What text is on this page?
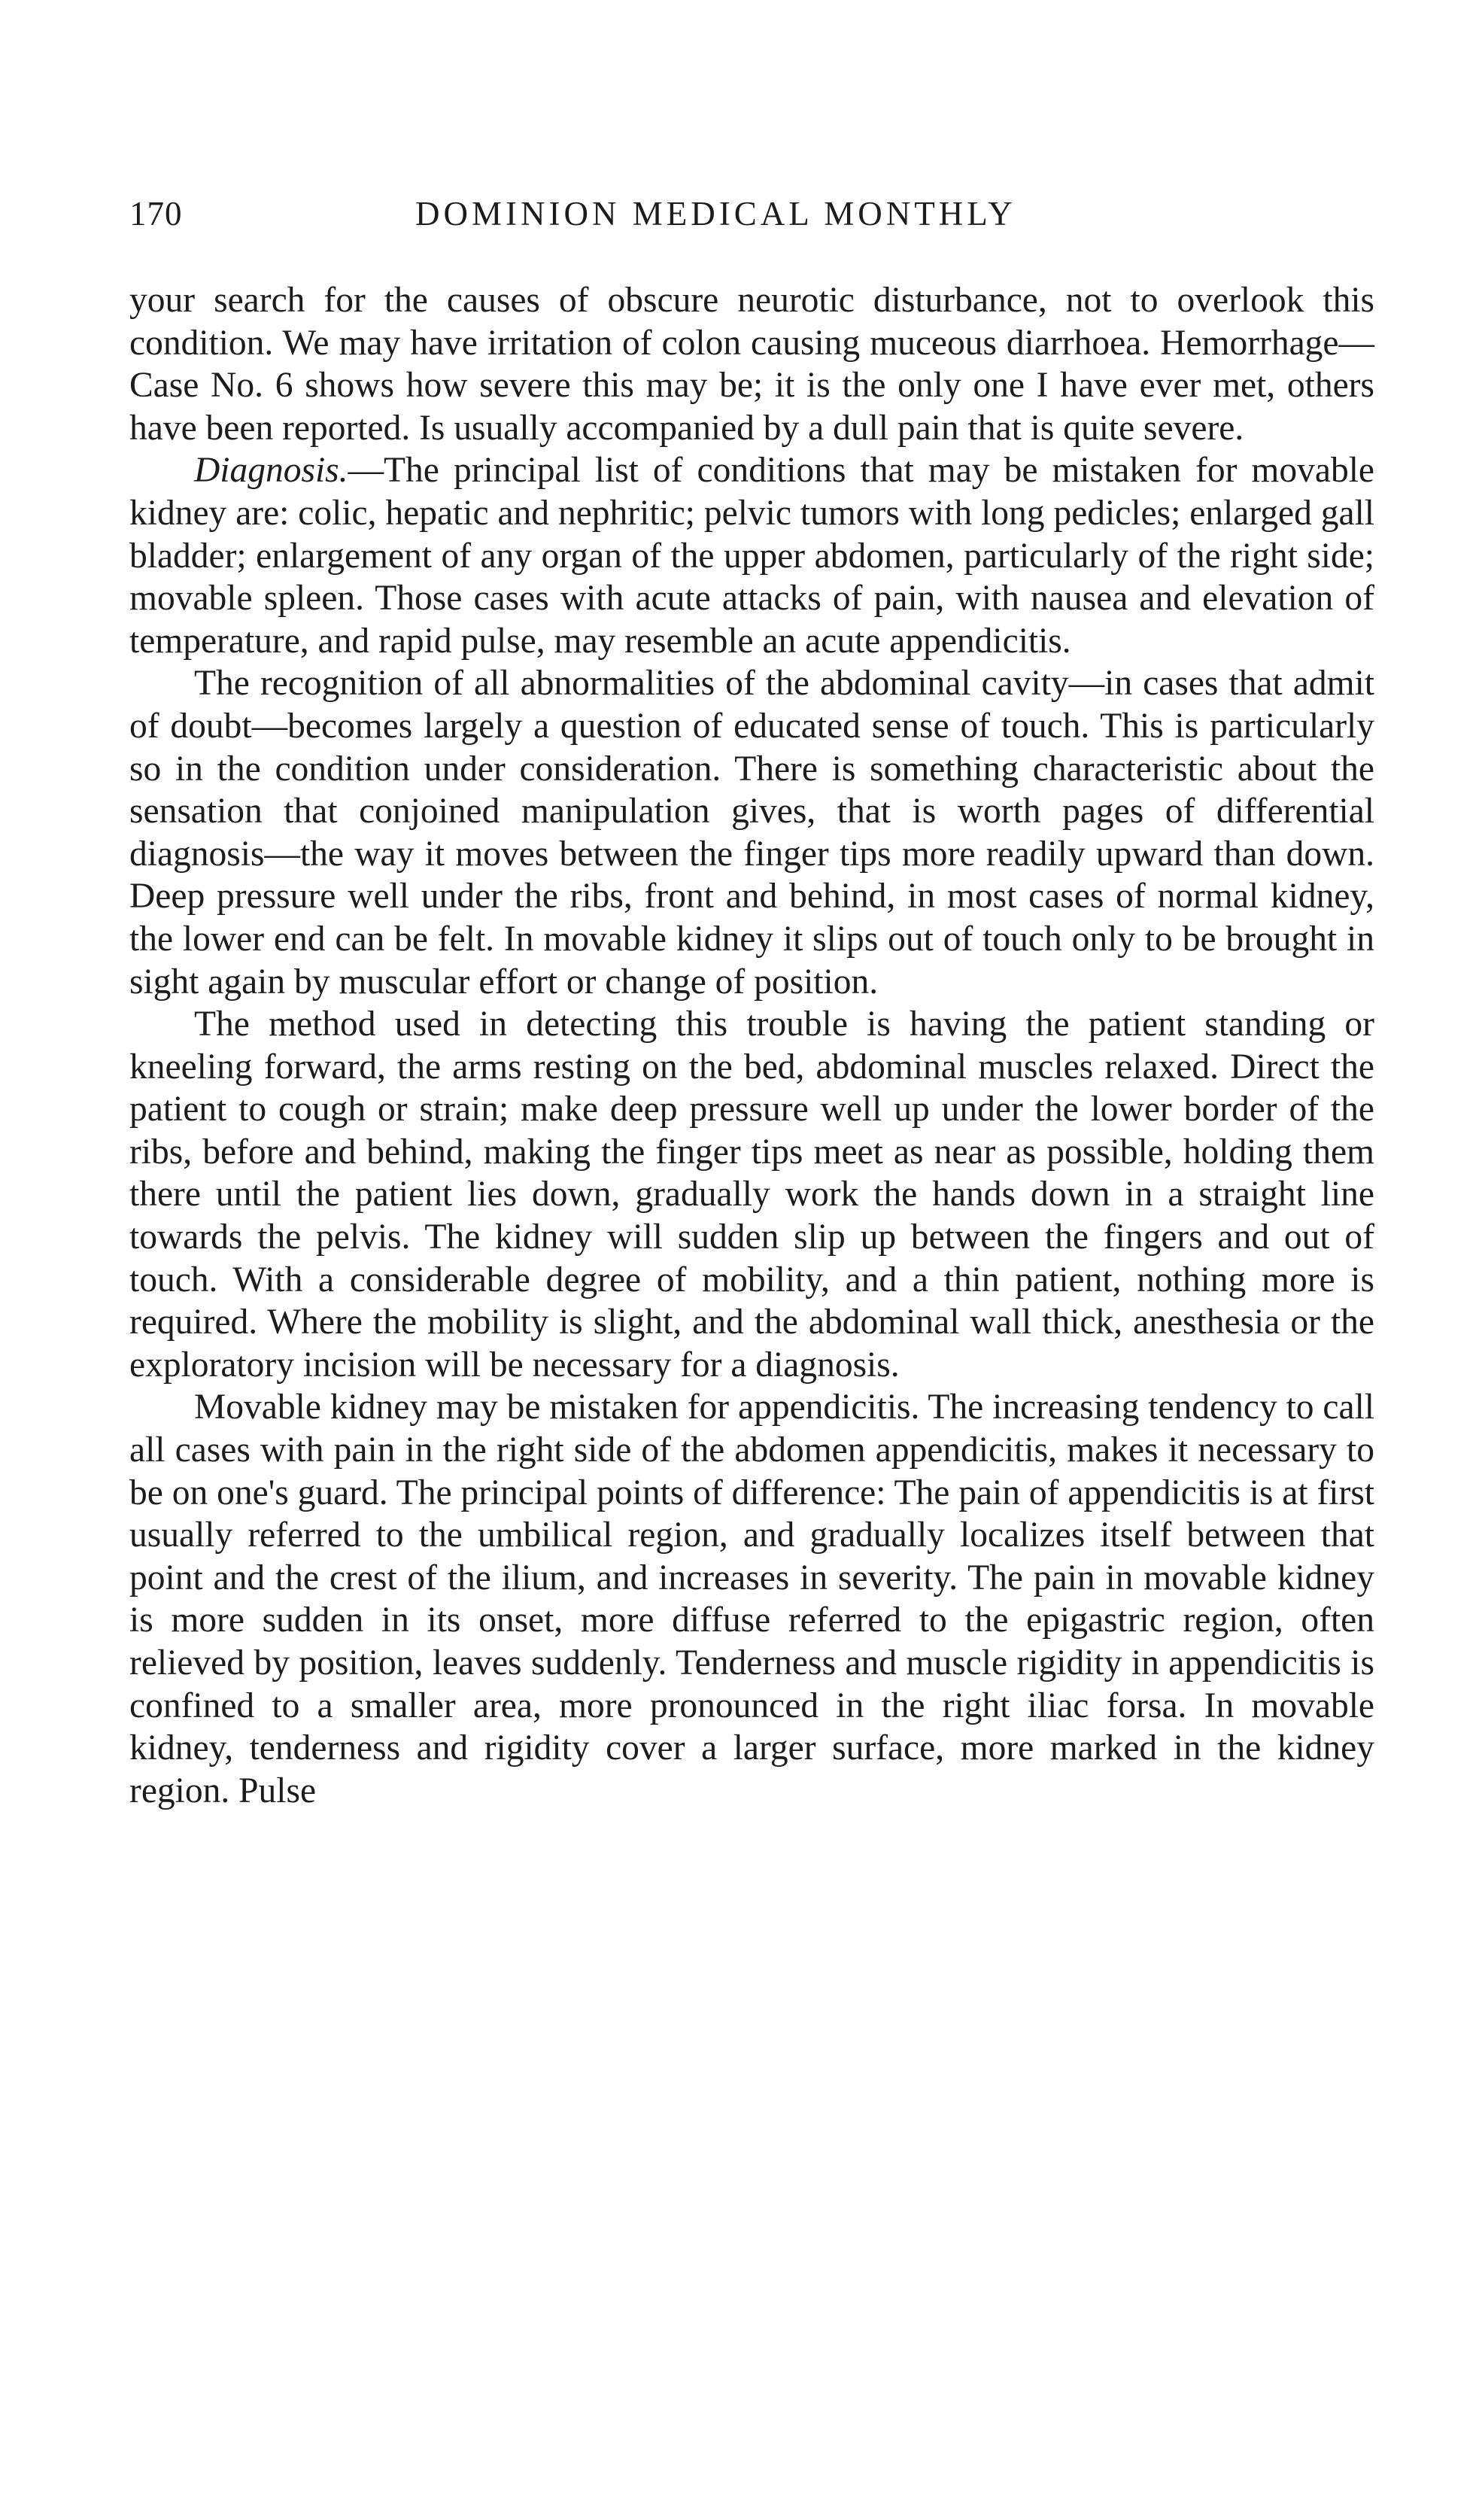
170	DOMINION MEDICAL MONTHLY

your search for the causes of obscure neurotic disturbance, not to overlook this condition. We may have irritation of colon causing muceous diarrhoea. Hemorrhage—Case No. 6 shows how severe this may be; it is the only one I have ever met, others have been reported. Is usually accompanied by a dull pain that is quite severe.

Diagnosis.—The principal list of conditions that may be mistaken for movable kidney are: colic, hepatic and nephritic; pelvic tumors with long pedicles; enlarged gall bladder; enlargement of any organ of the upper abdomen, particularly of the right side; movable spleen. Those cases with acute attacks of pain, with nausea and elevation of temperature, and rapid pulse, may resemble an acute appendicitis.

The recognition of all abnormalities of the abdominal cavity—in cases that admit of doubt—becomes largely a question of educated sense of touch. This is particularly so in the condition under consideration. There is something characteristic about the sensation that conjoined manipulation gives, that is worth pages of differential diagnosis—the way it moves between the finger tips more readily upward than down. Deep pressure well under the ribs, front and behind, in most cases of normal kidney, the lower end can be felt. In movable kidney it slips out of touch only to be brought in sight again by muscular effort or change of position.

The method used in detecting this trouble is having the patient standing or kneeling forward, the arms resting on the bed, abdominal muscles relaxed. Direct the patient to cough or strain; make deep pressure well up under the lower border of the ribs, before and behind, making the finger tips meet as near as possible, holding them there until the patient lies down, gradually work the hands down in a straight line towards the pelvis. The kidney will sudden slip up between the fingers and out of touch. With a considerable degree of mobility, and a thin patient, nothing more is required. Where the mobility is slight, and the abdominal wall thick, anesthesia or the exploratory incision will be necessary for a diagnosis.

Movable kidney may be mistaken for appendicitis. The increasing tendency to call all cases with pain in the right side of the abdomen appendicitis, makes it necessary to be on one's guard. The principal points of difference: The pain of appendicitis is at first usually referred to the umbilical region, and gradually localizes itself between that point and the crest of the ilium, and increases in severity. The pain in movable kidney is more sudden in its onset, more diffuse referred to the epigastric region, often relieved by position, leaves suddenly. Tenderness and muscle rigidity in appendicitis is confined to a smaller area, more pronounced in the right iliac forsa. In movable kidney, tenderness and rigidity cover a larger surface, more marked in the kidney region. Pulse
